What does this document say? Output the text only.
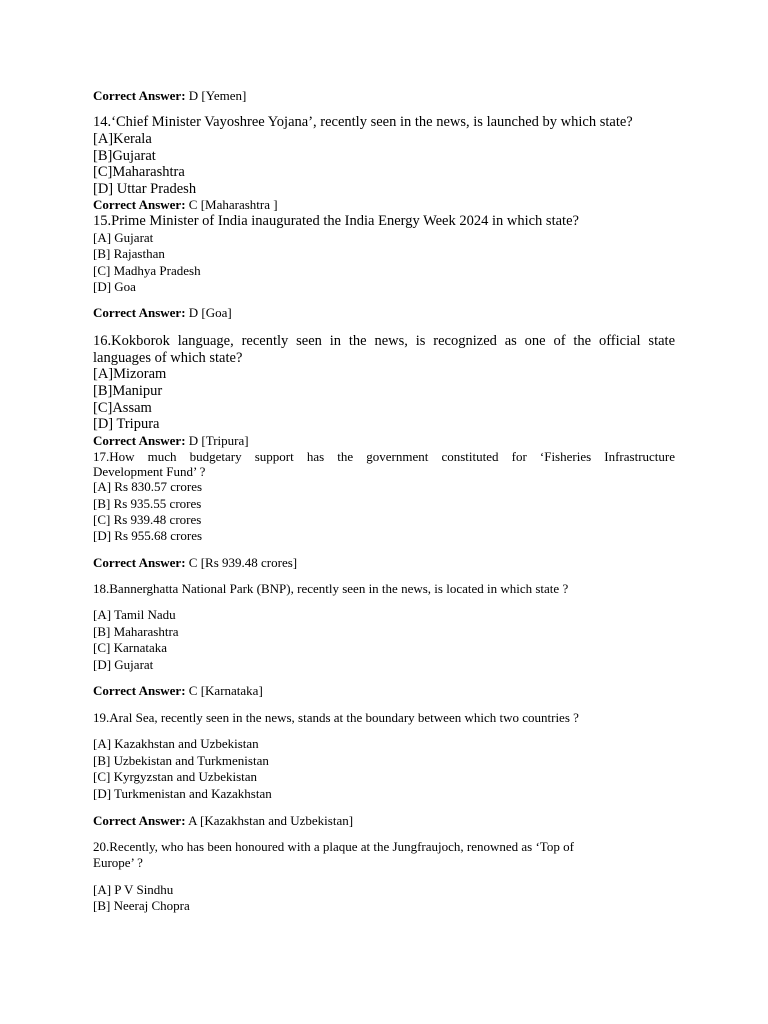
Correct Answer: D [Yemen]
14.‘Chief Minister Vayoshree Yojana’, recently seen in the news, is launched by which state?
[A]Kerala
[B]Gujarat
[C]Maharashtra
[D] Uttar Pradesh
Correct Answer: C [Maharashtra ]
15.Prime Minister of India inaugurated the India Energy Week 2024 in which state?
[A] Gujarat
[B] Rajasthan
[C] Madhya Pradesh
[D] Goa
Correct Answer: D [Goa]
16.Kokborok language, recently seen in the news, is recognized as one of the official state
languages of which state?
[A]Mizoram
[B]Manipur
[C]Assam
[D] Tripura
Correct Answer: D [Tripura]
17.How much budgetary support has the government constituted for ‘Fisheries Infrastructure
Development Fund’ ?
[A] Rs 830.57 crores
[B] Rs 935.55 crores
[C] Rs 939.48 crores
[D] Rs 955.68 crores
Correct Answer: C [Rs 939.48 crores]
18.Bannerghatta National Park (BNP), recently seen in the news, is located in which state ?
[A] Tamil Nadu
[B] Maharashtra
[C] Karnataka
[D] Gujarat
Correct Answer: C [Karnataka]
19.Aral Sea, recently seen in the news, stands at the boundary between which two countries ?
[A] Kazakhstan and Uzbekistan
[B] Uzbekistan and Turkmenistan
[C] Kyrgyzstan and Uzbekistan
[D] Turkmenistan and Kazakhstan
Correct Answer: A [Kazakhstan and Uzbekistan]
20.Recently, who has been honoured with a plaque at the Jungfraujoch, renowned as ‘Top of
Europe’ ?
[A] P V Sindhu
[B] Neeraj Chopra
